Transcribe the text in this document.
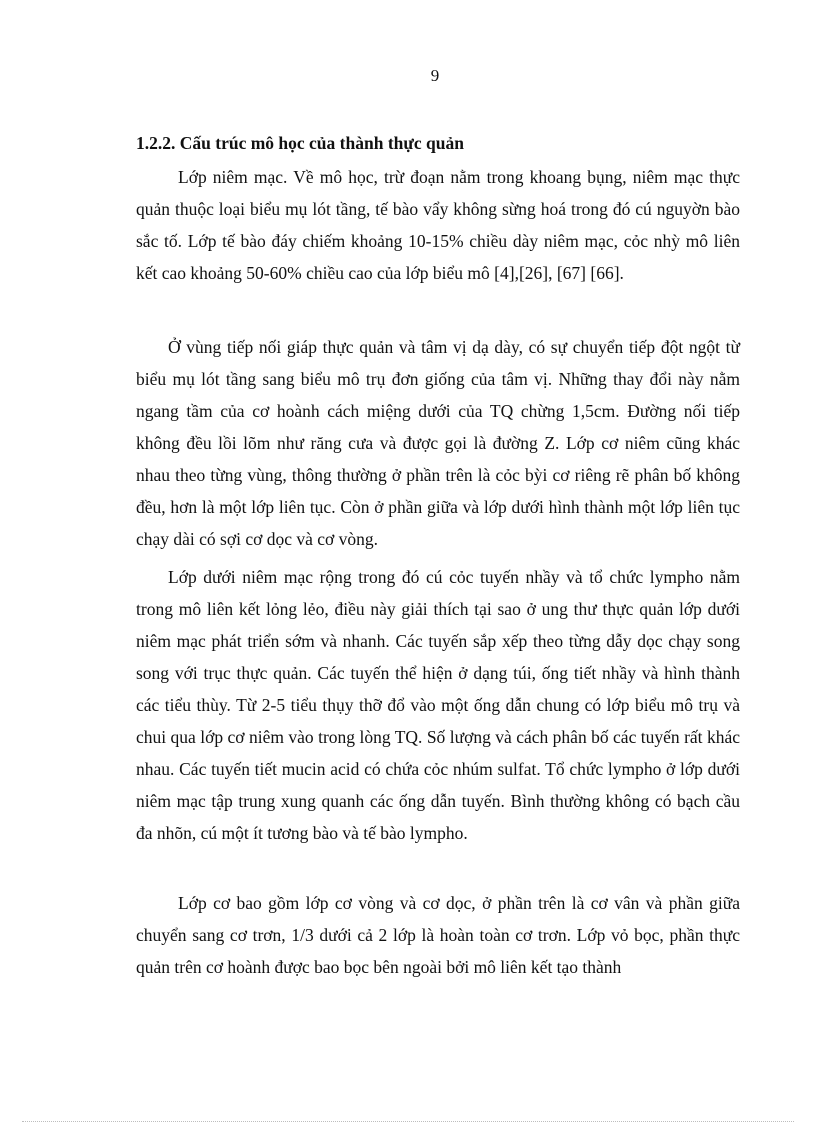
9
1.2.2. Cấu trúc mô học của thành thực quản

Lớp niêm mạc. Về mô học, trừ đoạn nằm trong khoang bụng, niêm mạc thực quản thuộc loại biểu mụ lót tầng, tế bào vẩy không sừng hoá trong đó cú nguyờn bào sắc tố. Lớp tế bào đáy chiếm khoảng 10-15% chiều dày niêm mạc, cỏc nhỳ mô liên kết cao khoảng 50-60% chiều cao của lớp biểu mô [4],[26], [67] [66].

Ở vùng tiếp nối giáp thực quản và tâm vị dạ dày, có sự chuyển tiếp đột ngột từ biểu mụ lót tầng sang biểu mô trụ đơn giống của tâm vị. Những thay đổi này nằm ngang tầm của cơ hoành cách miệng dưới của TQ chừng 1,5cm. Đường nối tiếp không đều lồi lõm như răng cưa và được gọi là đường Z. Lớp cơ niêm cũng khác nhau theo từng vùng, thông thường ở phần trên là cỏc bỳi cơ riêng rẽ phân bố không đều, hơn là một lớp liên tục. Còn ở phần giữa và lớp dưới hình thành một lớp liên tục chạy dài có sợi cơ dọc và cơ vòng.

Lớp dưới niêm mạc rộng trong đó cú cỏc tuyến nhầy và tổ chức lympho nằm trong mô liên kết lỏng lẻo, điều này giải thích tại sao ở ung thư thực quản lớp dưới niêm mạc phát triển sớm và nhanh. Các tuyến sắp xếp theo từng dẫy dọc chạy song song với trục thực quản. Các tuyến thể hiện ở dạng túi, ống tiết nhầy và hình thành các tiểu thùy. Từ 2-5 tiểu thụy thỡ đổ vào một ống dẫn chung có lớp biểu mô trụ và chui qua lớp cơ niêm vào trong lòng TQ. Số lượng và cách phân bố các tuyến rất khác nhau. Các tuyến tiết mucin acid có chứa cỏc nhúm sulfat. Tổ chức lympho ở lớp dưới niêm mạc tập trung xung quanh các ống dẫn tuyến. Bình thường không có bạch cầu đa nhõn, cú một ít tương bào và tế bào lympho.

Lớp cơ bao gồm lớp cơ vòng và cơ dọc, ở phần trên là cơ vân và phần giữa chuyển sang cơ trơn, 1/3 dưới cả 2 lớp là hoàn toàn cơ trơn. Lớp vỏ bọc, phần thực quản trên cơ hoành được bao bọc bên ngoài bởi mô liên kết tạo thành
